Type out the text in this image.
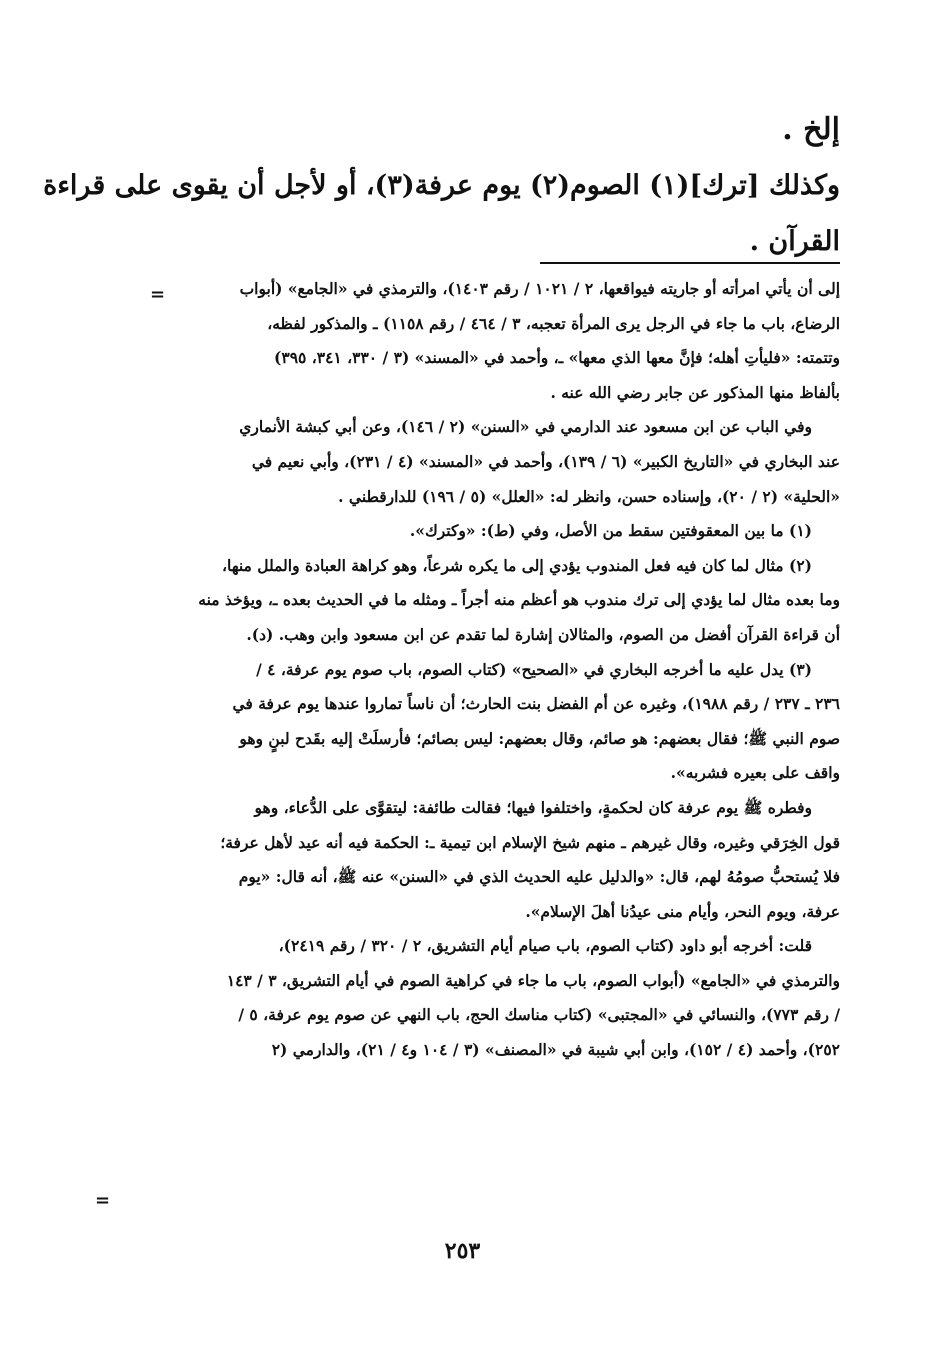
إلخ .
وكذلك [ترك](١) الصوم(٢) يوم عرفة(٣)، أو لأجل أن يقوى على قراءة
القرآن .
=	إلى أن يأتي امرأته أو جاريته فيواقعها، ٢ / ١٠٢١ / رقم ١٤٠٣)، والترمذي في «الجامع» (أبواب
الرضاع، باب ما جاء في الرجل يرى المرأة تعجبه، ٣ / ٤٦٤ / رقم ١١٥٨) ـ والمذكور لفظه،
وتتمته: «فليأتِ أهله؛ فإنَّ معها الذي معها» ـ، وأحمد في «المسند» (٣ / ٣٣٠، ٣٤١، ٣٩٥)
بألفاظ منها المذكور عن جابر رضي الله عنه .
وفي الباب عن ابن مسعود عند الدارمي في «السنن» (٢ / ١٤٦)، وعن أبي كبشة الأنماري
عند البخاري في «التاريخ الكبير» (٦ / ١٣٩)، وأحمد في «المسند» (٤ / ٢٣١)، وأبي نعيم في
«الحلية» (٢ / ٢٠)، وإسناده حسن، وانظر له: «العلل» (٥ / ١٩٦) للدارقطني .
(١) ما بين المعقوفتين سقط من الأصل، وفي (ط): «وكترك».
(٢) مثال لما كان فيه فعل المندوب يؤدي إلى ما يكره شرعاً، وهو كراهة العبادة والملل منها،
وما بعده مثال لما يؤدي إلى ترك مندوب هو أعظم منه أجراً ـ ومثله ما في الحديث بعده ـ، ويؤخذ منه
أن قراءة القرآن أفضل من الصوم، والمثالان إشارة لما تقدم عن ابن مسعود وابن وهب. (د).
(٣) يدل عليه ما أخرجه البخاري في «الصحيح» (كتاب الصوم، باب صوم يوم عرفة، ٤ /
٢٣٦ ـ ٢٣٧ / رقم ١٩٨٨)، وغيره عن أم الفضل بنت الحارث؛ أن ناساً تماروا عندها يوم عرفة في
صوم النبي ﷺ؛ فقال بعضهم: هو صائم، وقال بعضهم: ليس بصائم؛ فأرسلَتْ إليه بقَدح لبنٍ وهو
واقف على بعيره فشربه».
وفطره ﷺ يوم عرفة كان لحكمةٍ، واختلفوا فيها؛ فقالت طائفة: ليتقوَّى على الدُّعاء، وهو
قول الخِرَقي وغيره، وقال غيرهم ـ منهم شيخ الإسلام ابن تيمية ـ: الحكمة فيه أنه عيد لأهل عرفة؛
فلا يُستحبُّ صومُهُ لهم، قال: «والدليل عليه الحديث الذي في «السنن» عنه ﷺ، أنه قال: «يوم
عرفة، ويوم النحر، وأيام منى عيدُنا أهلَ الإسلام».
قلت: أخرجه أبو داود (كتاب الصوم، باب صيام أيام التشريق، ٢ / ٣٢٠ / رقم ٢٤١٩)،
والترمذي في «الجامع» (أبواب الصوم، باب ما جاء في كراهية الصوم في أيام التشريق، ٣ / ١٤٣
/ رقم ٧٧٣)، والنسائي في «المجتبى» (كتاب مناسك الحج، باب النهي عن صوم يوم عرفة، ٥ /
٢٥٢)، وأحمد (٤ / ١٥٢)، وابن أبي شيبة في «المصنف» (٣ / ١٠٤ و٤ / ٢١)، والدارمي (٢
=
٢٥٣
